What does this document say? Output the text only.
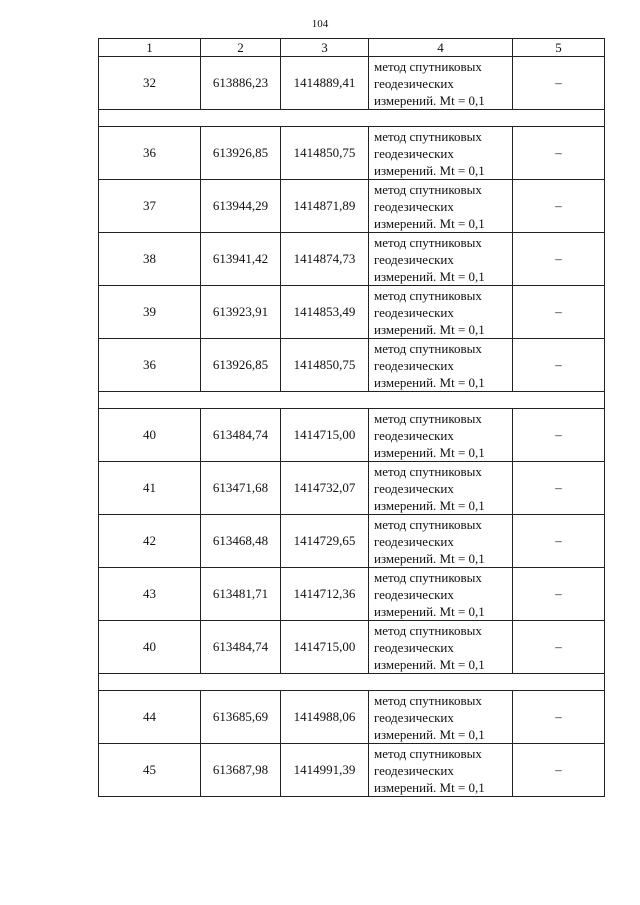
104
1	2	3	4	5
32	613886,23	1414889,41	метод спутниковых
геодезических
измерений. Mt = 0,1	–

36	613926,85	1414850,75	метод спутниковых
геодезических
измерений. Mt = 0,1	–
37	613944,29	1414871,89	метод спутниковых
геодезических
измерений. Mt = 0,1	–
38	613941,42	1414874,73	метод спутниковых
геодезических
измерений. Mt = 0,1	–
39	613923,91	1414853,49	метод спутниковых
геодезических
измерений. Mt = 0,1	–
36	613926,85	1414850,75	метод спутниковых
геодезических
измерений. Mt = 0,1	–

40	613484,74	1414715,00	метод спутниковых
геодезических
измерений. Mt = 0,1	–
41	613471,68	1414732,07	метод спутниковых
геодезических
измерений. Mt = 0,1	–
42	613468,48	1414729,65	метод спутниковых
геодезических
измерений. Mt = 0,1	–
43	613481,71	1414712,36	метод спутниковых
геодезических
измерений. Mt = 0,1	–
40	613484,74	1414715,00	метод спутниковых
геодезических
измерений. Mt = 0,1	–

44	613685,69	1414988,06	метод спутниковых
геодезических
измерений. Mt = 0,1	–
45	613687,98	1414991,39	метод спутниковых
геодезических
измерений. Mt = 0,1	–
